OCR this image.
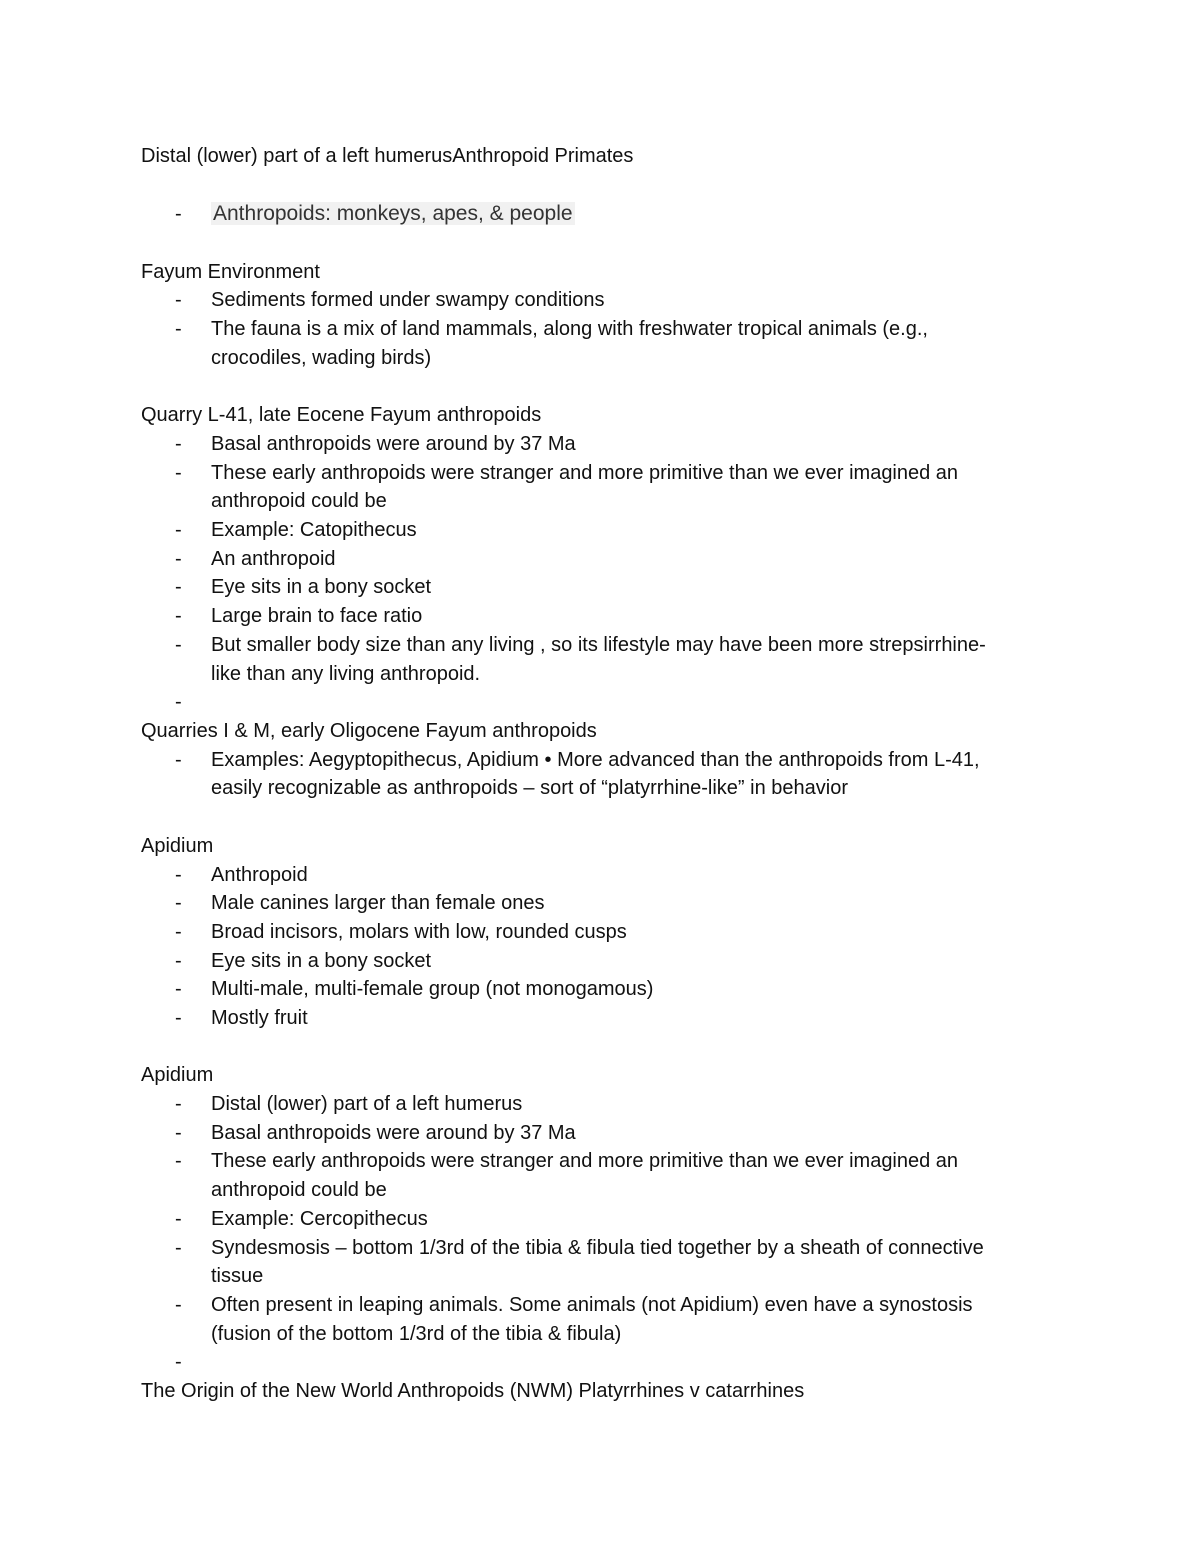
Distal (lower) part of a left humerusAnthropoid Primates
- Anthropoids: monkeys, apes, & people
Fayum Environment
- Sediments formed under swampy conditions
- The fauna is a mix of land mammals, along with freshwater tropical animals (e.g.,
crocodiles, wading birds)
Quarry L-41, late Eocene Fayum anthropoids
- Basal anthropoids were around by 37 Ma
- These early anthropoids were stranger and more primitive than we ever imagined an
anthropoid could be
- Example: Catopithecus
- An anthropoid
- Eye sits in a bony socket
- Large brain to face ratio
- But smaller body size than any living , so its lifestyle may have been more strepsirrhine-
like than any living anthropoid.
-
Quarries I & M, early Oligocene Fayum anthropoids
- Examples: Aegyptopithecus, Apidium • More advanced than the anthropoids from L-41,
easily recognizable as anthropoids – sort of “platyrrhine-like” in behavior
Apidium
- Anthropoid
- Male canines larger than female ones
- Broad incisors, molars with low, rounded cusps
- Eye sits in a bony socket
- Multi-male, multi-female group (not monogamous)
- Mostly fruit
Apidium
- Distal (lower) part of a left humerus
- Basal anthropoids were around by 37 Ma
- These early anthropoids were stranger and more primitive than we ever imagined an
anthropoid could be
- Example: Cercopithecus
- Syndesmosis – bottom 1/3rd of the tibia & fibula tied together by a sheath of connective
tissue
- Often present in leaping animals. Some animals (not Apidium) even have a synostosis
(fusion of the bottom 1/3rd of the tibia & fibula)
-
The Origin of the New World Anthropoids (NWM) Platyrrhines v catarrhines
